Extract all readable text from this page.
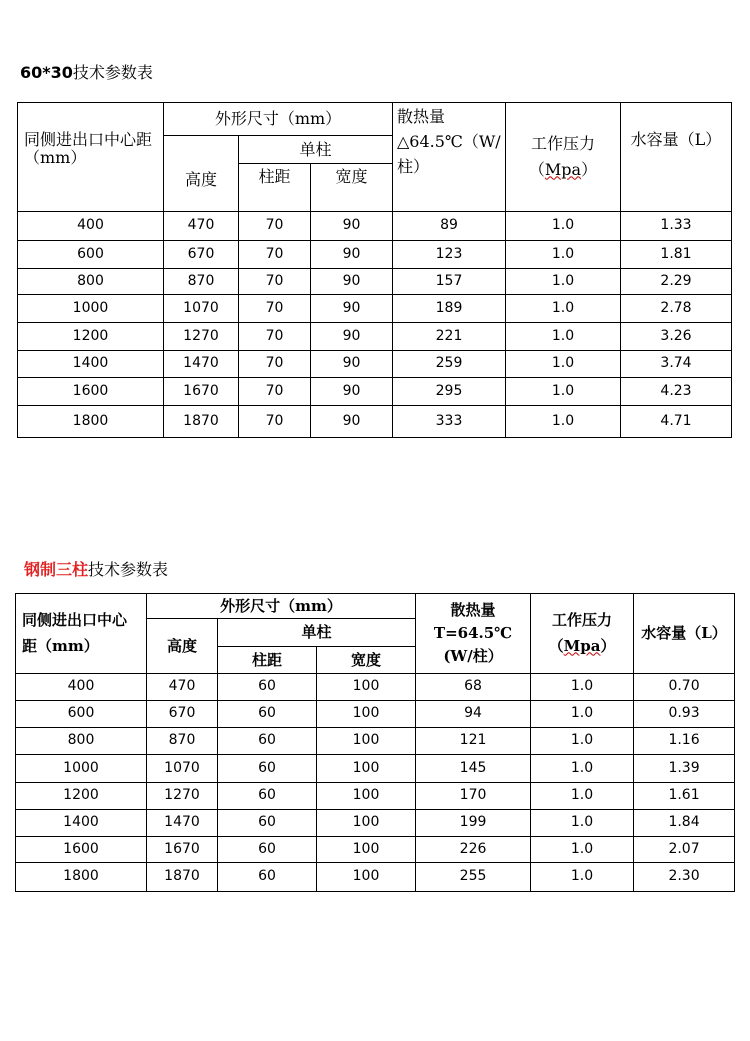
60*30技术参数表
同侧进出口中心距（mm）	外形尺寸（mm）			散热量△64.5℃（W/柱）	工作压力（Mpa）	水容量（L）
	高度	单柱				
		柱距	宽度			
400	470	70	90	89	1.0	1.33
600	670	70	90	123	1.0	1.81
800	870	70	90	157	1.0	2.29
1000	1070	70	90	189	1.0	2.78
1200	1270	70	90	221	1.0	3.26
1400	1470	70	90	259	1.0	3.74
1600	1670	70	90	295	1.0	4.23
1800	1870	70	90	333	1.0	4.71
钢制三柱技术参数表
同侧进出口中心距（mm）	外形尺寸（mm）			散热量T=64.5℃(W/柱）	工作压力（Mpa）	水容量（L）
	高度	单柱				
		柱距	宽度			
400	470	60	100	68	1.0	0.70
600	670	60	100	94	1.0	0.93
800	870	60	100	121	1.0	1.16
1000	1070	60	100	145	1.0	1.39
1200	1270	60	100	170	1.0	1.61
1400	1470	60	100	199	1.0	1.84
1600	1670	60	100	226	1.0	2.07
1800	1870	60	100	255	1.0	2.30
